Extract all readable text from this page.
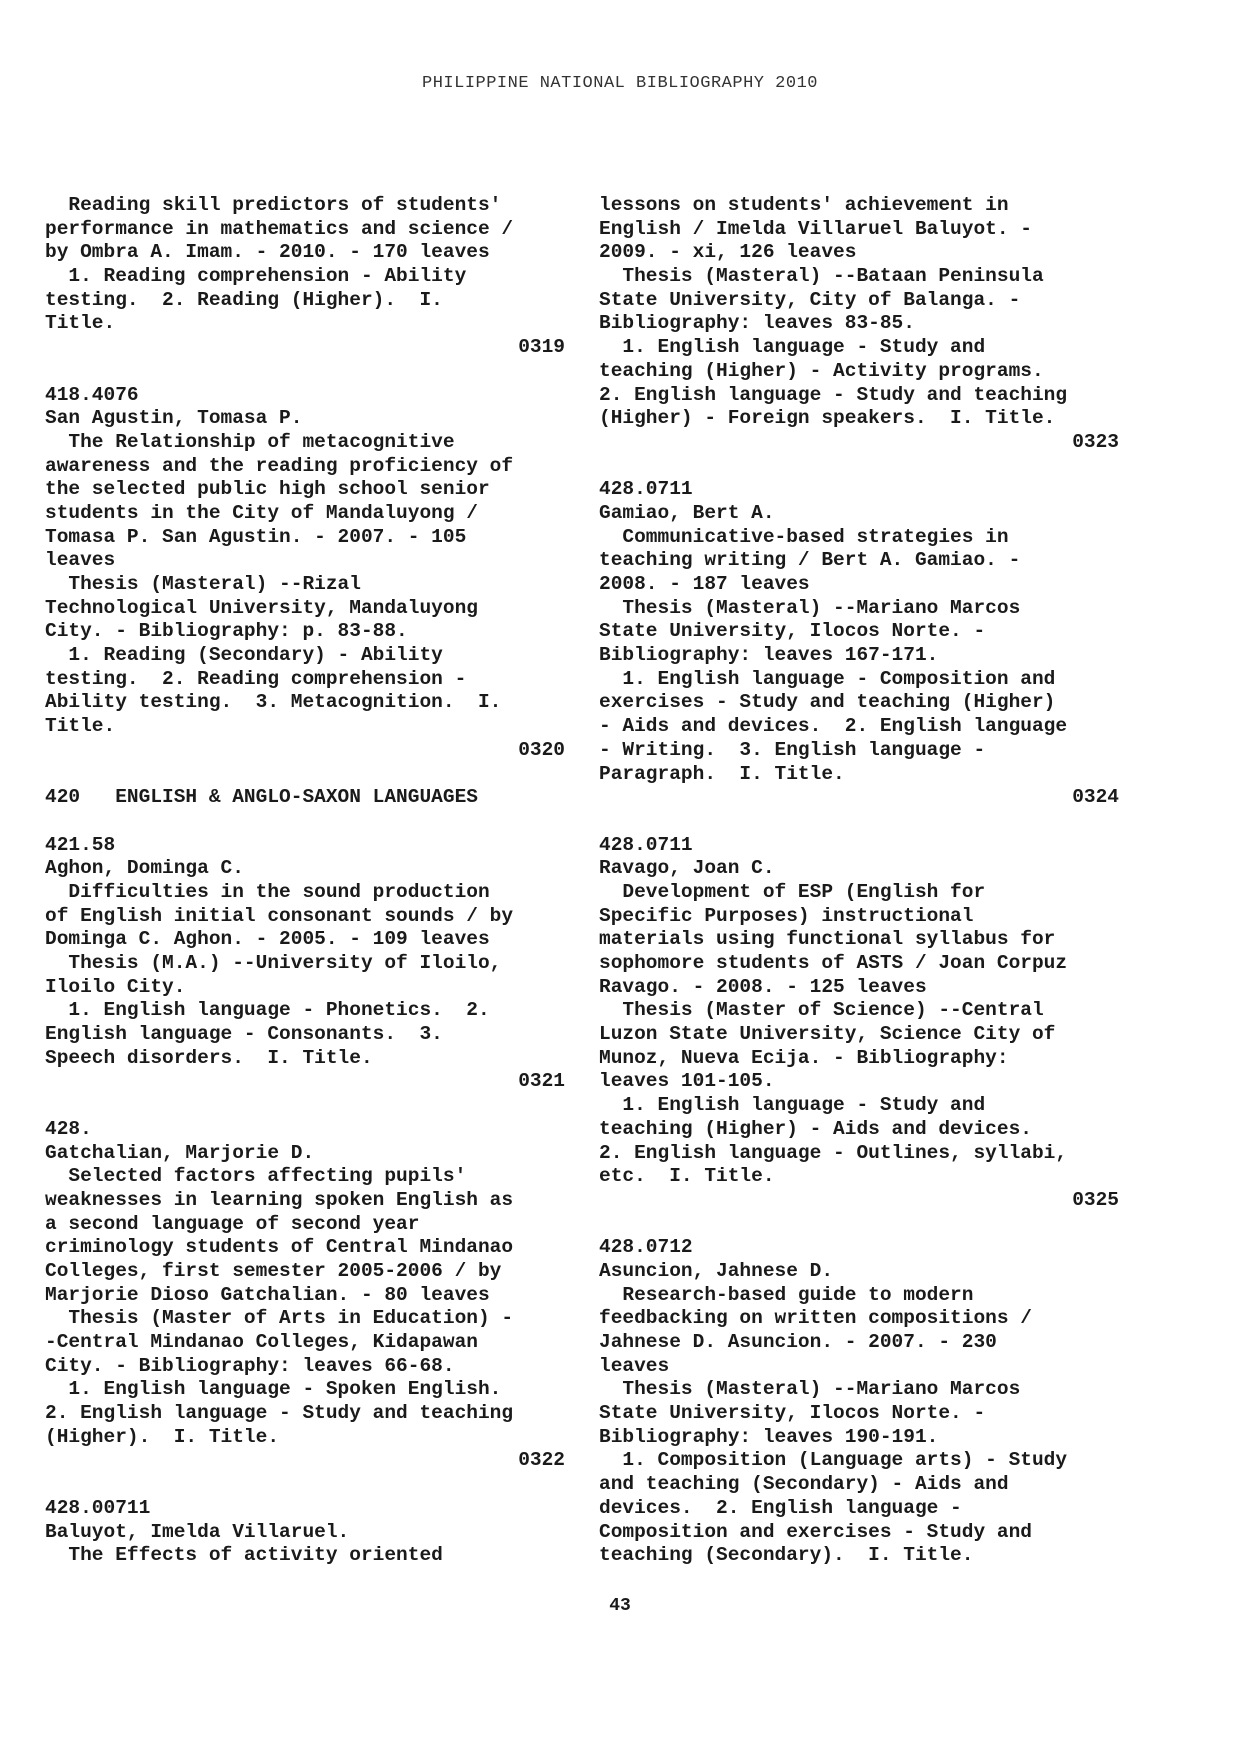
PHILIPPINE NATIONAL BIBLIOGRAPHY 2010
Reading skill predictors of students'
performance in mathematics and science /
by Ombra A. Imam. - 2010. - 170 leaves
1. Reading comprehension - Ability
testing.  2. Reading (Higher).  I.
Title.
0319
418.4076
San Agustin, Tomasa P.
The Relationship of metacognitive
awareness and the reading proficiency of
the selected public high school senior
students in the City of Mandaluyong /
Tomasa P. San Agustin. - 2007. - 105
leaves
Thesis (Masteral) --Rizal
Technological University, Mandaluyong
City. - Bibliography: p. 83-88.
1. Reading (Secondary) - Ability
testing.  2. Reading comprehension -
Ability testing.  3. Metacognition.  I.
Title.
0320
420   ENGLISH & ANGLO-SAXON LANGUAGES
421.58
Aghon, Dominga C.
Difficulties in the sound production
of English initial consonant sounds / by
Dominga C. Aghon. - 2005. - 109 leaves
Thesis (M.A.) --University of Iloilo,
Iloilo City.
1. English language - Phonetics.  2.
English language - Consonants.  3.
Speech disorders.  I. Title.
0321
428.
Gatchalian, Marjorie D.
Selected factors affecting pupils'
weaknesses in learning spoken English as
a second language of second year
criminology students of Central Mindanao
Colleges, first semester 2005-2006 / by
Marjorie Dioso Gatchalian. - 80 leaves
Thesis (Master of Arts in Education) -
-Central Mindanao Colleges, Kidapawan
City. - Bibliography: leaves 66-68.
1. English language - Spoken English.
2. English language - Study and teaching
(Higher).  I. Title.
0322
428.00711
Baluyot, Imelda Villaruel.
The Effects of activity oriented
lessons on students' achievement in
English / Imelda Villaruel Baluyot. -
2009. - xi, 126 leaves
Thesis (Masteral) --Bataan Peninsula
State University, City of Balanga. -
Bibliography: leaves 83-85.
1. English language - Study and
teaching (Higher) - Activity programs.
2. English language - Study and teaching
(Higher) - Foreign speakers.  I. Title.
0323
428.0711
Gamiao, Bert A.
Communicative-based strategies in
teaching writing / Bert A. Gamiao. -
2008. - 187 leaves
Thesis (Masteral) --Mariano Marcos
State University, Ilocos Norte. -
Bibliography: leaves 167-171.
1. English language - Composition and
exercises - Study and teaching (Higher)
- Aids and devices.  2. English language
- Writing.  3. English language -
Paragraph.  I. Title.
0324
428.0711
Ravago, Joan C.
Development of ESP (English for
Specific Purposes) instructional
materials using functional syllabus for
sophomore students of ASTS / Joan Corpuz
Ravago. - 2008. - 125 leaves
Thesis (Master of Science) --Central
Luzon State University, Science City of
Munoz, Nueva Ecija. - Bibliography:
leaves 101-105.
1. English language - Study and
teaching (Higher) - Aids and devices.
2. English language - Outlines, syllabi,
etc.  I. Title.
0325
428.0712
Asuncion, Jahnese D.
Research-based guide to modern
feedbacking on written compositions /
Jahnese D. Asuncion. - 2007. - 230
leaves
Thesis (Masteral) --Mariano Marcos
State University, Ilocos Norte. -
Bibliography: leaves 190-191.
1. Composition (Language arts) - Study
and teaching (Secondary) - Aids and
devices.  2. English language -
Composition and exercises - Study and
teaching (Secondary).  I. Title.
43
